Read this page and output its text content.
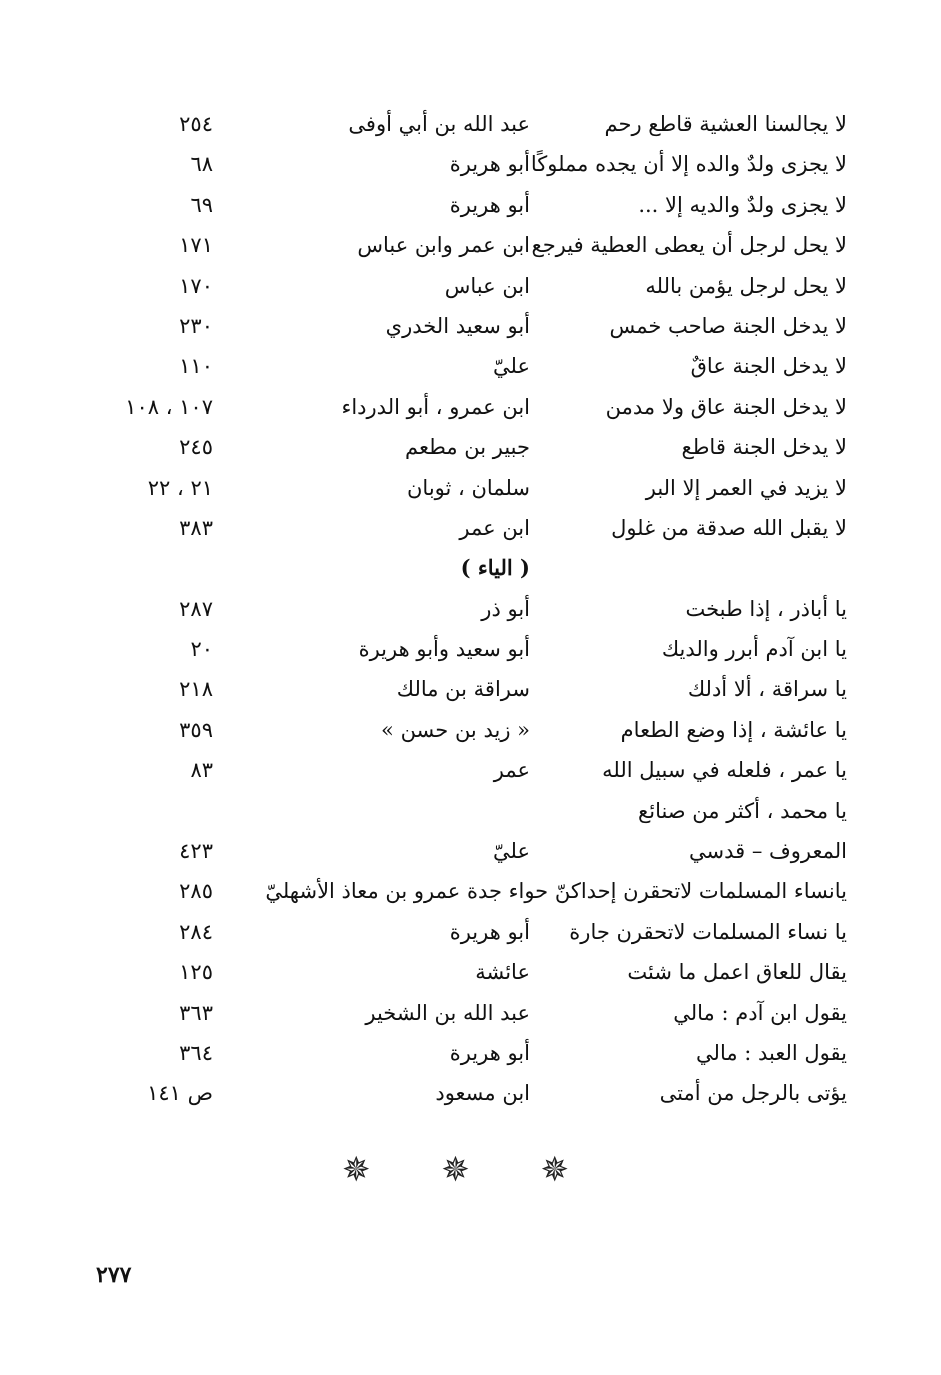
لا يجالسنا العشية قاطع رحم
عبد الله بن أبي أوفى
٢٥٤
لا يجزى ولدٌ والده إلا أن يجده مملوكًا
أبو هريرة
٦٨
لا يجزى ولدٌ والديه إلا ...
أبو هريرة
٦٩
لا يحل لرجل أن يعطى العطية فيرجع
ابن عمر وابن عباس
١٧١
لا يحل لرجل يؤمن بالله
ابن عباس
١٧٠
لا يدخل الجنة صاحب خمس
أبو سعيد الخدري
٢٣٠
لا يدخل الجنة عاقٌ
عليّ
١١٠
لا يدخل الجنة عاق ولا مدمن
ابن عمرو ، أبو الدرداء
١٠٧ ، ١٠٨
لا يدخل الجنة قاطع
جبير بن مطعم
٢٤٥
لا يزيد في العمر إلا البر
سلمان ، ثوبان
٢١ ، ٢٢
لا يقبل الله صدقة من غلول
ابن عمر
٣٨٣
( الياء )
يا أباذر ، إذا طبخت
أبو ذر
٢٨٧
يا ابن آدم أبرر والديك
أبو سعيد وأبو هريرة
٢٠
يا سراقة ، ألا أدلك
سراقة بن مالك
٢١٨
يا عائشة ، إذا وضع الطعام
« زيد بن حسن »
٣٥٩
يا عمر ، فلعله في سبيل الله
عمر
٨٣
يا محمد ، أكثر من صنائع
المعروف – قدسي
عليّ
٤٢٣
يانساء المسلمات لاتحقرن إحداكنّ حواء جدة عمرو بن معاذ الأشهليّ
٢٨٥
يا نساء المسلمات لاتحقرن جارة
أبو هريرة
٢٨٤
يقال للعاق اعمل ما شئت
عائشة
١٢٥
يقول ابن آدم : مالي
عبد الله بن الشخير
٣٦٣
يقول العبد : مالي
أبو هريرة
٣٦٤
يؤتى بالرجل من أمتى
ابن مسعود
ص ١٤١
✵ ✵ ✵
٢٧٧
